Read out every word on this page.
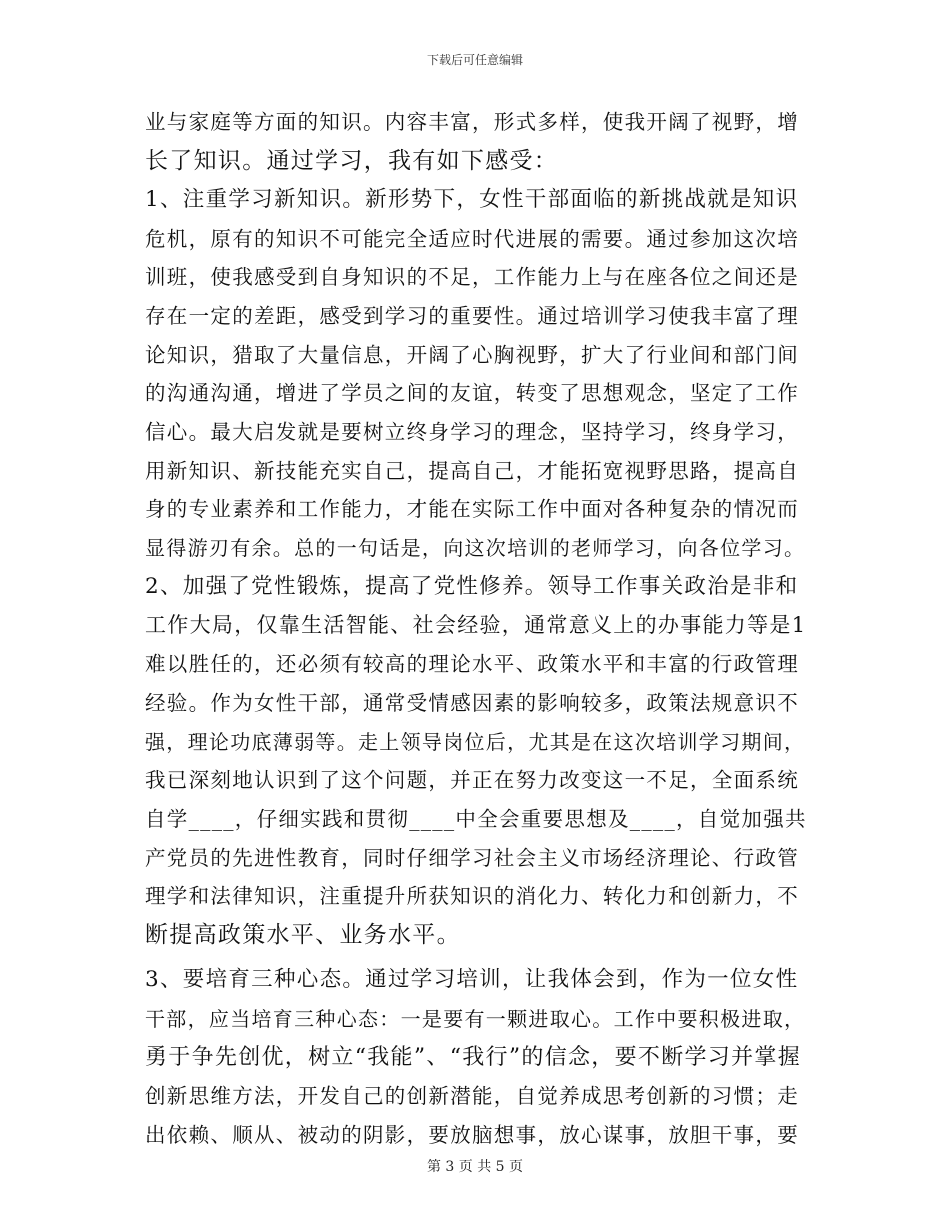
下载后可任意编辑
业与家庭等方面的知识。内容丰富，形式多样，使我开阔了视野，增
长了知识。通过学习，我有如下感受：
1、注重学习新知识。新形势下，女性干部面临的新挑战就是知识
危机，原有的知识不可能完全适应时代进展的需要。通过参加这次培
训班，使我感受到自身知识的不足，工作能力上与在座各位之间还是
存在一定的差距，感受到学习的重要性。通过培训学习使我丰富了理
论知识，猎取了大量信息，开阔了心胸视野，扩大了行业间和部门间
的沟通沟通，增进了学员之间的友谊，转变了思想观念，坚定了工作
信心。最大启发就是要树立终身学习的理念，坚持学习，终身学习，
用新知识、新技能充实自己，提高自己，才能拓宽视野思路，提高自
身的专业素养和工作能力，才能在实际工作中面对各种复杂的情况而
显得游刃有余。总的一句话是，向这次培训的老师学习，向各位学习。
2、加强了党性锻炼，提高了党性修养。领导工作事关政治是非和
工作大局，仅靠生活智能、社会经验，通常意义上的办事能力等是1
难以胜任的，还必须有较高的理论水平、政策水平和丰富的行政管理
经验。作为女性干部，通常受情感因素的影响较多，政策法规意识不
强，理论功底薄弱等。走上领导岗位后，尤其是在这次培训学习期间，
我已深刻地认识到了这个问题，并正在努力改变这一不足，全面系统
自学____，仔细实践和贯彻____中全会重要思想及____，自觉加强共
产党员的先进性教育，同时仔细学习社会主义市场经济理论、行政管
理学和法律知识，注重提升所获知识的消化力、转化力和创新力，不
断提高政策水平、业务水平。
3、要培育三种心态。通过学习培训，让我体会到，作为一位女性
干部，应当培育三种心态：一是要有一颗进取心。工作中要积极进取，
勇于争先创优，树立“我能”、“我行”的信念，要不断学习并掌握
创新思维方法，开发自己的创新潜能，自觉养成思考创新的习惯；走
出依赖、顺从、被动的阴影，要放脑想事，放心谋事，放胆干事，要
第 3 页 共 5 页
